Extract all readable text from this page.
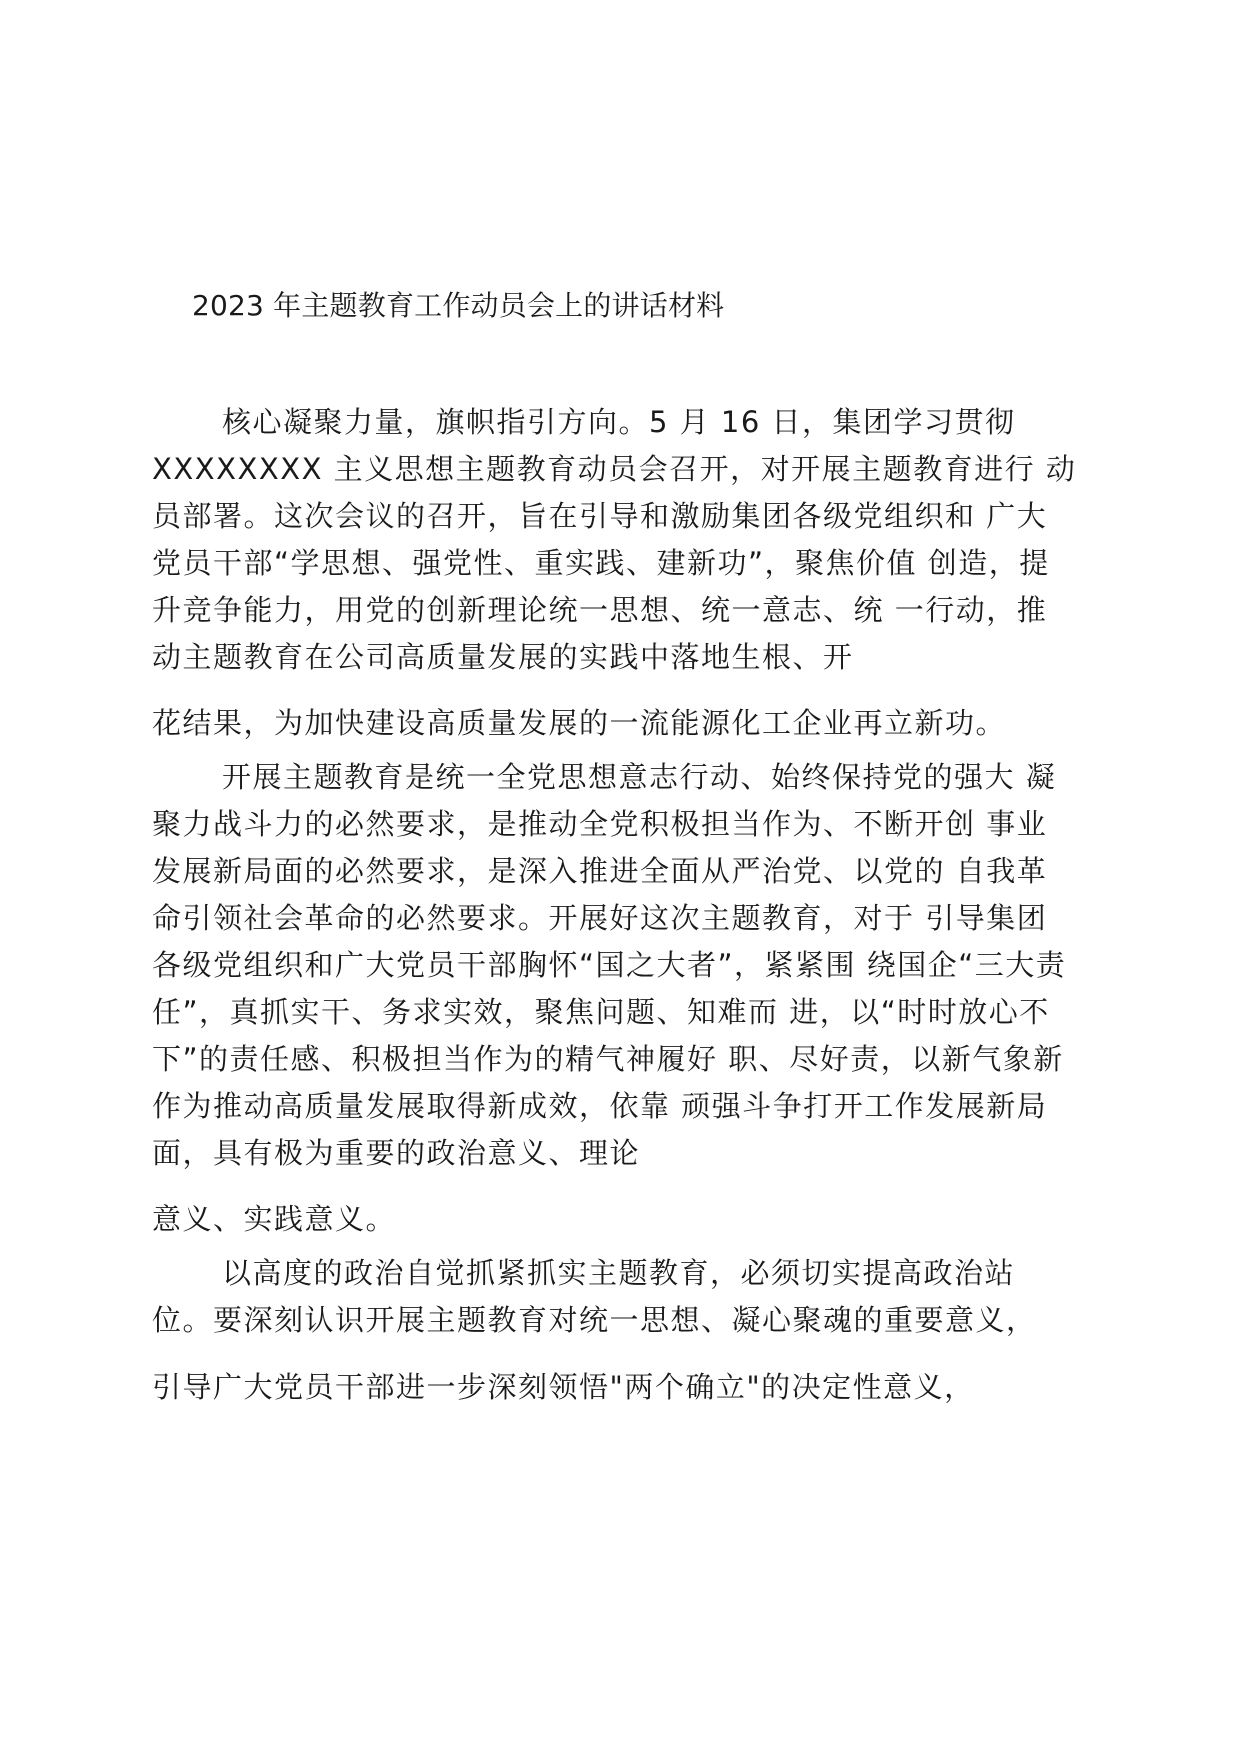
2023 年主题教育工作动员会上的讲话材料
核心凝聚力量，旗帜指引方向。5 月 16 日，集团学习贯彻
XXXXXXXX 主义思想主题教育动员会召开，对开展主题教育进行 动
员部署。这次会议的召开，旨在引导和激励集团各级党组织和 广大
党员干部“学思想、强党性、重实践、建新功”，聚焦价值 创造，提
升竞争能力，用党的创新理论统一思想、统一意志、统 一行动，推
动主题教育在公司高质量发展的实践中落地生根、开
花结果，为加快建设高质量发展的一流能源化工企业再立新功。
开展主题教育是统一全党思想意志行动、始终保持党的强大 凝
聚力战斗力的必然要求，是推动全党积极担当作为、不断开创 事业
发展新局面的必然要求，是深入推进全面从严治党、以党的 自我革
命引领社会革命的必然要求。开展好这次主题教育，对于 引导集团
各级党组织和广大党员干部胸怀“国之大者”，紧紧围 绕国企“三大责
任”，真抓实干、务求实效，聚焦问题、知难而 进，以“时时放心不
下”的责任感、积极担当作为的精气神履好 职、尽好责，以新气象新
作为推动高质量发展取得新成效，依靠 顽强斗争打开工作发展新局
面，具有极为重要的政治意义、理论
意义、实践意义。
以高度的政治自觉抓紧抓实主题教育，必须切实提高政治站
位。要深刻认识开展主题教育对统一思想、凝心聚魂的重要意义，
引导广大党员干部进一步深刻领悟"两个确立"的决定性意义，
